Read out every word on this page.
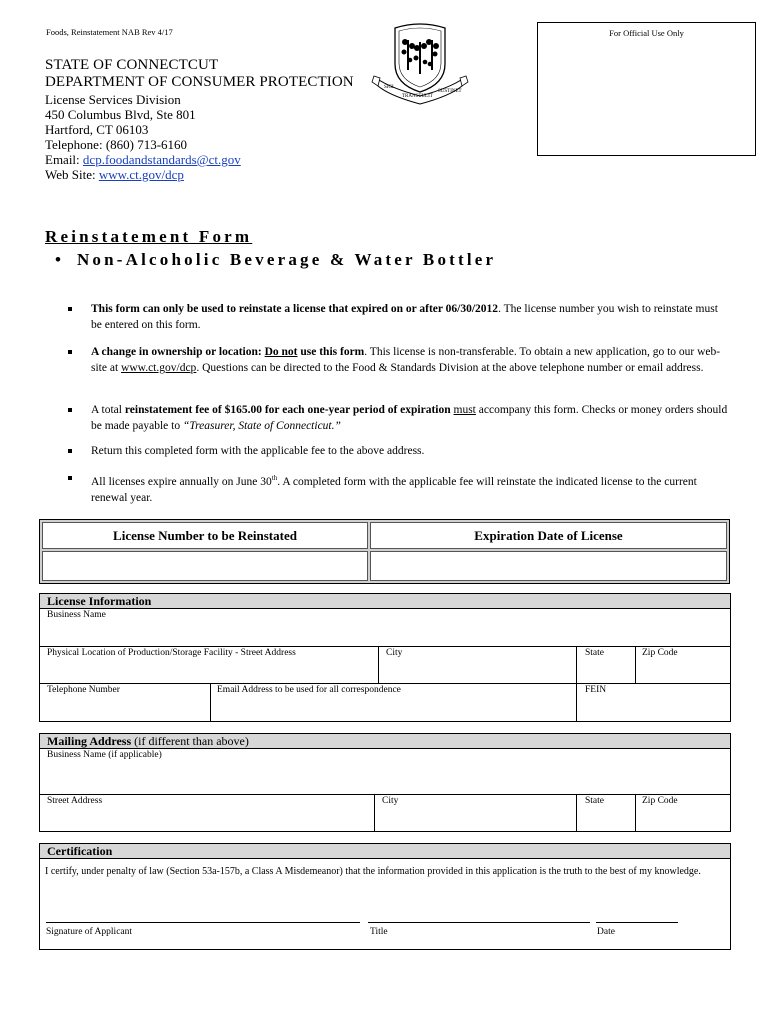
Foods, Reinstatement NAB Rev 4/17	For Official Use Only
SIGI
TRANSTULIT
SUSTINET
STATE OF CONNECTCUT
DEPARTMENT OF CONSUMER PROTECTION
License Services Division
450 Columbus Blvd, Ste 801
Hartford, CT 06103
Telephone: (860) 713-6160
Email: dcp.foodandstandards@ct.gov
Web Site: www.ct.gov/dcp
Reinstatement Form
• Non-Alcoholic Beverage & Water Bottler
This form can only be used to reinstate a license that expired on or after 06/30/2012. The license number you wish to reinstate must be entered on this form.
A change in ownership or location: Do not use this form. This license is non-transferable. To obtain a new application, go to our web-site at www.ct.gov/dcp. Questions can be directed to the Food & Standards Division at the above telephone number or email address.
A total reinstatement fee of $165.00 for each one-year period of expiration must accompany this form. Checks or money orders should be made payable to “Treasurer, State of Connecticut.”
Return this completed form with the applicable fee to the above address.
All licenses expire annually on June 30th. A completed form with the applicable fee will reinstate the indicated license to the current renewal year.
License Number to be Reinstated	Expiration Date of License
License Information
Business Name
Physical Location of Production/Storage Facility - Street Address	City	State	Zip Code
Telephone Number	Email Address to be used for all correspondence	FEIN
Mailing Address (if different than above)
Business Name (if applicable)
Street Address	City	State	Zip Code
Certification
I certify, under penalty of law (Section 53a-157b, a Class A Misdemeanor) that the information provided in this application is the truth to the best of my knowledge.
Signature of Applicant	Title	Date
